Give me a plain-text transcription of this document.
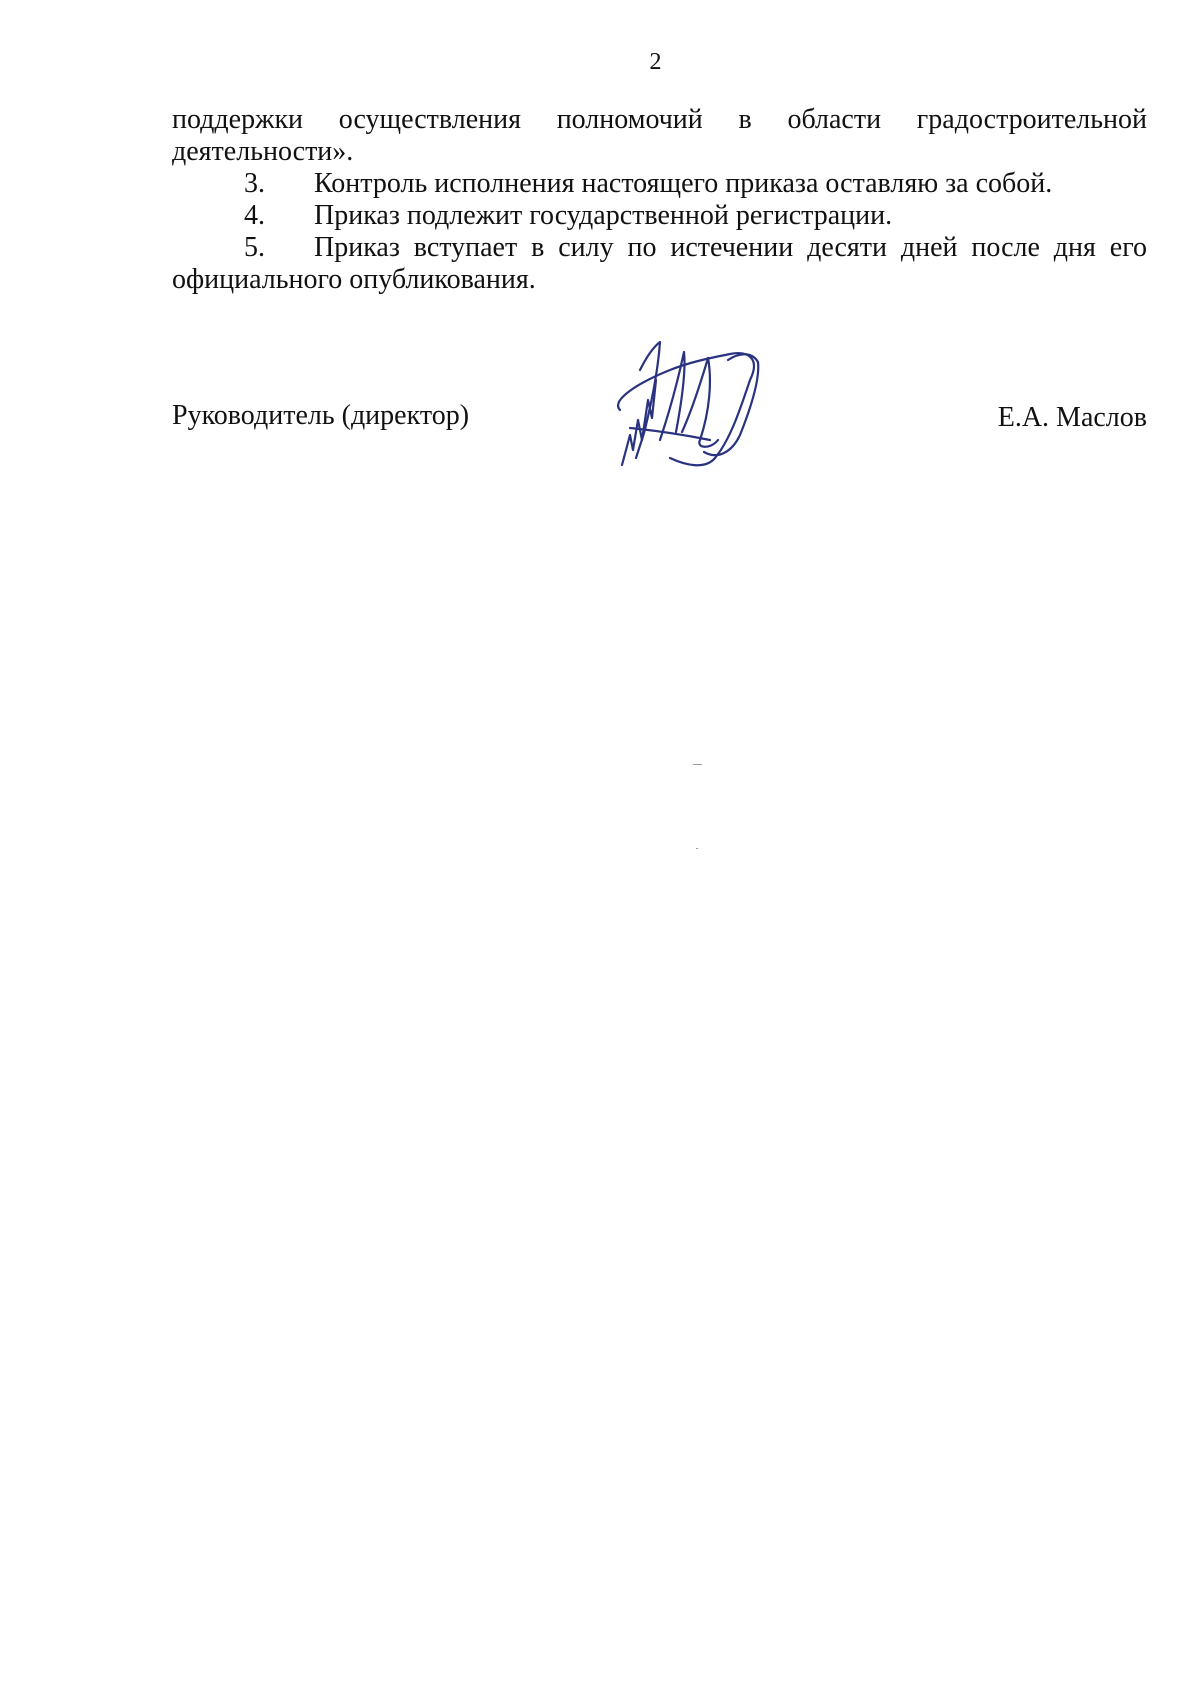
2

поддержки осуществления полномочий в области градостроительной
деятельности».

3. Контроль исполнения настоящего приказа оставляю за собой.

4. Приказ подлежит государственной регистрации.

5. Приказ вступает в силу по истечении десяти дней после дня его
официального опубликования.

Руководитель (директор)	Е.А. Маслов
